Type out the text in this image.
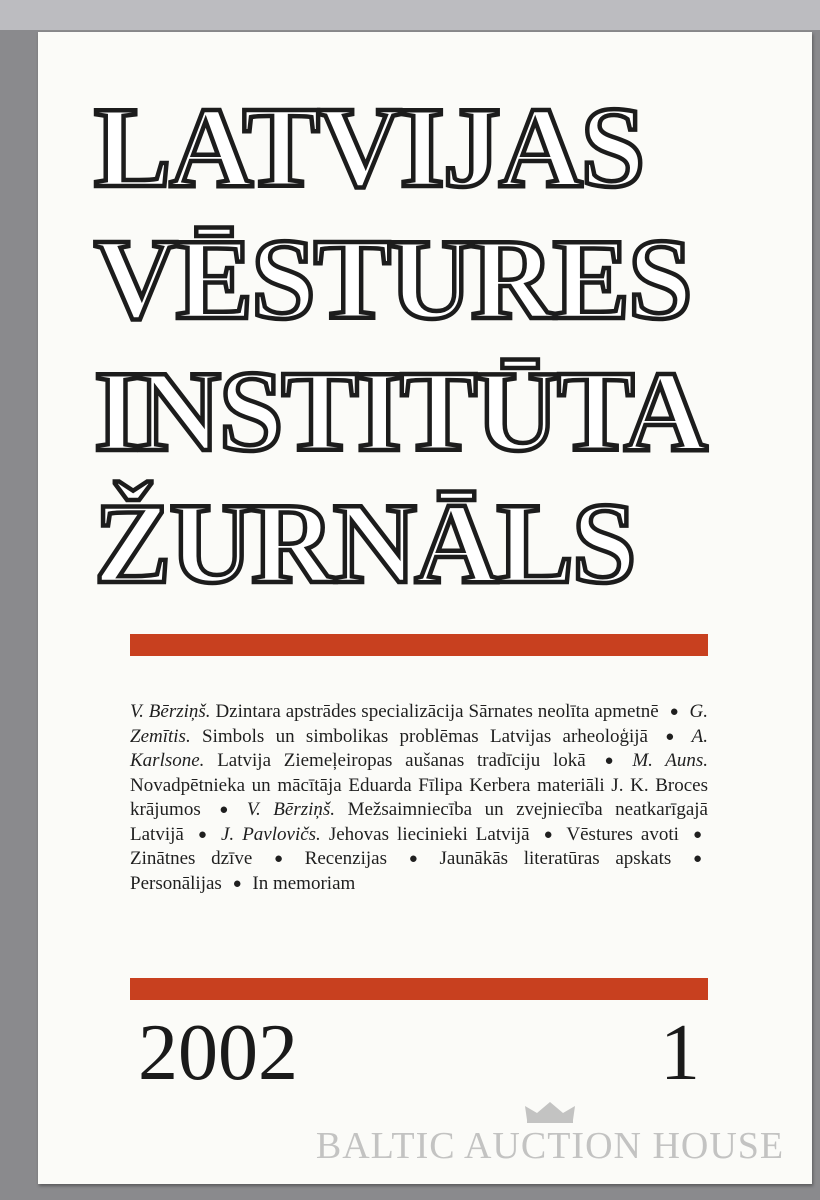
LATVIJAS
VĒSTURES
INSTITŪTA
ŽURNĀLS

V. Bērziņš. Dzintara apstrādes specializācija Sārnates neolīta apmetnē ● G. Zemītis. Simbols un simbolikas problēmas Latvijas arheoloģijā ● A. Karlsone. Latvija Ziemeļeiropas aušanas tradīciju lokā ● M. Auns. Novadpētnieka un mācītāja Eduarda Fīlipa Kerbera materiāli J. K. Broces krājumos ● V. Bērziņš. Mežsaimniecība un zvejniecība neatkarīgajā Latvijā ● J. Pavlovičs. Jehovas liecinieki Latvijā ● Vēstures avoti ● Zinātnes dzīve ● Recenzijas ● Jaunākās literatūras apskats ● Personālijas ● In memoriam

2002	1
BALTIC AUCTION HOUSE
